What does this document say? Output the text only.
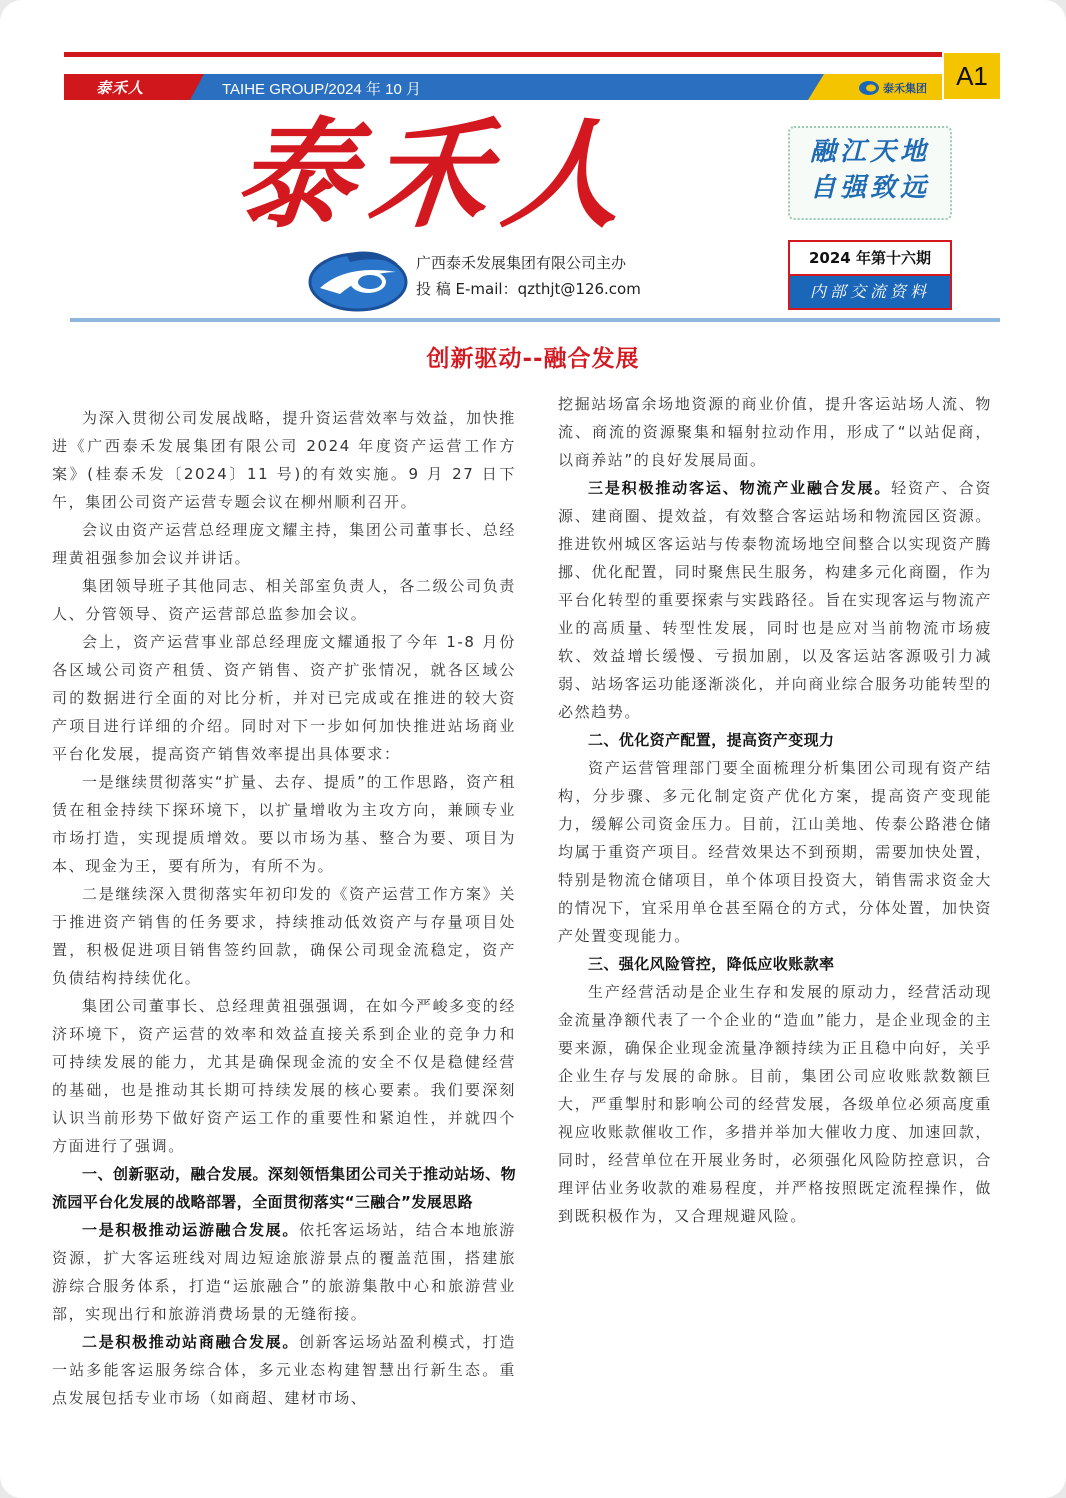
泰禾人	TAIHE GROUP/2024 年 10 月	泰禾集团	A1
泰禾人
广西泰禾发展集团有限公司主办
投 稿 E-mail：qzthjt@126.com
融江天地
自强致远
2024 年第十六期
内部交流资料
创新驱动--融合发展

为深入贯彻公司发展战略，提升资运营效率与效益，加快推进《广西泰禾发展集团有限公司 2024 年度资产运营工作方案》(桂泰禾发〔2024〕11 号)的有效实施。9 月 27 日下午，集团公司资产运营专题会议在柳州顺利召开。

会议由资产运营总经理庞文耀主持，集团公司董事长、总经理黄祖强参加会议并讲话。

集团领导班子其他同志、相关部室负责人，各二级公司负责人、分管领导、资产运营部总监参加会议。

会上，资产运营事业部总经理庞文耀通报了今年 1-8 月份各区域公司资产租赁、资产销售、资产扩张情况，就各区域公司的数据进行全面的对比分析，并对已完成或在推进的较大资产项目进行详细的介绍。同时对下一步如何加快推进站场商业平台化发展，提高资产销售效率提出具体要求：

一是继续贯彻落实“扩量、去存、提质”的工作思路，资产租赁在租金持续下探环境下，以扩量增收为主攻方向，兼顾专业市场打造，实现提质增效。要以市场为基、整合为要、项目为本、现金为王，要有所为，有所不为。

二是继续深入贯彻落实年初印发的《资产运营工作方案》关于推进资产销售的任务要求，持续推动低效资产与存量项目处置，积极促进项目销售签约回款，确保公司现金流稳定，资产负债结构持续优化。

集团公司董事长、总经理黄祖强强调，在如今严峻多变的经济环境下，资产运营的效率和效益直接关系到企业的竞争力和可持续发展的能力，尤其是确保现金流的安全不仅是稳健经营的基础，也是推动其长期可持续发展的核心要素。我们要深刻认识当前形势下做好资产运工作的重要性和紧迫性，并就四个方面进行了强调。

一、创新驱动，融合发展。深刻领悟集团公司关于推动站场、物流园平台化发展的战略部署，全面贯彻落实“三融合”发展思路

一是积极推动运游融合发展。依托客运场站，结合本地旅游资源，扩大客运班线对周边短途旅游景点的覆盖范围，搭建旅游综合服务体系，打造“运旅融合”的旅游集散中心和旅游营业部，实现出行和旅游消费场景的无缝衔接。

二是积极推动站商融合发展。创新客运场站盈利模式，打造一站多能客运服务综合体，多元业态构建智慧出行新生态。重点发展包括专业市场（如商超、建材市场、

挖掘站场富余场地资源的商业价值，提升客运站场人流、物流、商流的资源聚集和辐射拉动作用，形成了“以站促商，以商养站”的良好发展局面。

三是积极推动客运、物流产业融合发展。轻资产、合资源、建商圈、提效益，有效整合客运站场和物流园区资源。推进钦州城区客运站与传泰物流场地空间整合以实现资产腾挪、优化配置，同时聚焦民生服务，构建多元化商圈，作为平台化转型的重要探索与实践路径。旨在实现客运与物流产业的高质量、转型性发展，同时也是应对当前物流市场疲软、效益增长缓慢、亏损加剧，以及客运站客源吸引力减弱、站场客运功能逐渐淡化，并向商业综合服务功能转型的必然趋势。

二、优化资产配置，提高资产变现力

资产运营管理部门要全面梳理分析集团公司现有资产结构，分步骤、多元化制定资产优化方案，提高资产变现能力，缓解公司资金压力。目前，江山美地、传泰公路港仓储均属于重资产项目。经营效果达不到预期，需要加快处置，特别是物流仓储项目，单个体项目投资大，销售需求资金大的情况下，宜采用单仓甚至隔仓的方式，分体处置，加快资产处置变现能力。

三、强化风险管控，降低应收账款率

生产经营活动是企业生存和发展的原动力，经营活动现金流量净额代表了一个企业的“造血”能力，是企业现金的主要来源，确保企业现金流量净额持续为正且稳中向好，关乎企业生存与发展的命脉。目前，集团公司应收账款数额巨大，严重掣肘和影响公司的经营发展，各级单位必须高度重视应收账款催收工作，多措并举加大催收力度、加速回款，同时，经营单位在开展业务时，必须强化风险防控意识，合理评估业务收款的难易程度，并严格按照既定流程操作，做到既积极作为，又合理规避风险。
